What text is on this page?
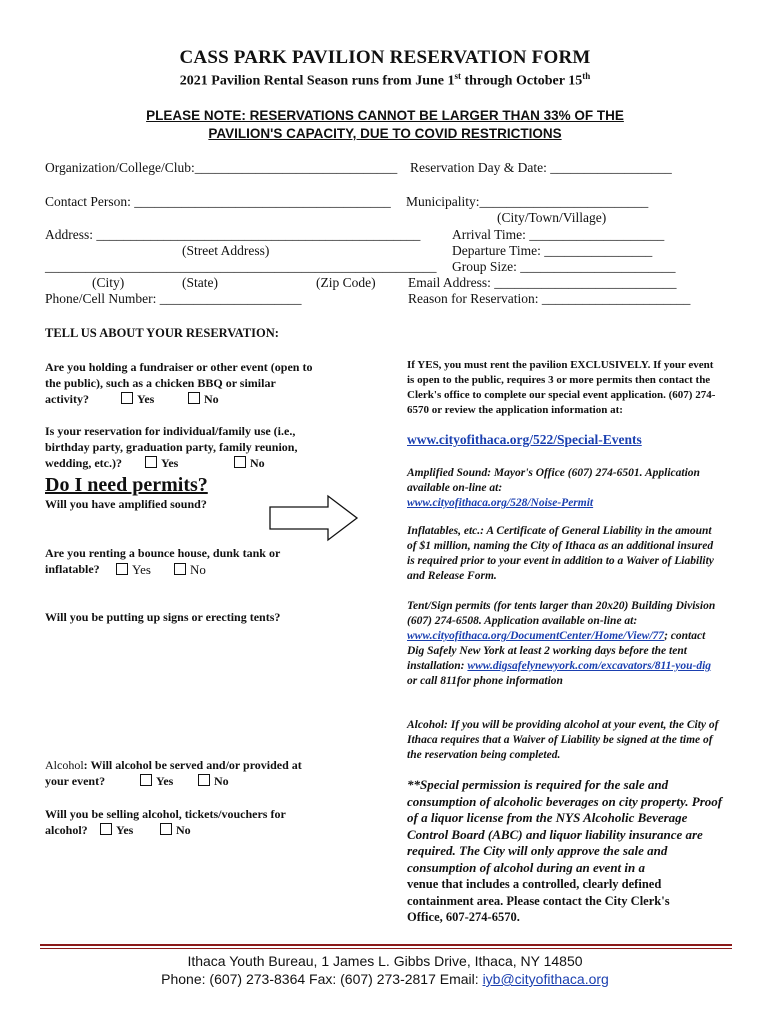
CASS PARK PAVILION RESERVATION FORM
2021 Pavilion Rental Season runs from June 1st through October 15th
PLEASE NOTE: RESERVATIONS CANNOT BE LARGER THAN 33% OF THE
PAVILION'S CAPACITY, DUE TO COVID RESTRICTIONS
Organization/College/Club:______________________________ Reservation Day & Date: __________________
Contact Person: ______________________________________ Municipality:_________________________
(City/Town/Village)
Address: ________________________________________________ Arrival Time: ____________________
(Street Address)	Departure Time: ________________
__________________________________________________________ Group Size: _______________________
(City)	(State)	(Zip Code) Email Address: ___________________________
Phone/Cell Number: _____________________	Reason for Reservation: ______________________
TELL US ABOUT YOUR RESERVATION:
Are you holding a fundraiser or other event (open to
the public), such as a chicken BBQ or similar
activity?	Yes	No
Is your reservation for individual/family use (i.e.,
birthday party, graduation party, family reunion,
wedding, etc.)?	Yes	No
Do I need permits?
Will you have amplified sound?
Are you renting a bounce house, dunk tank or
inflatable?	Yes	No
Will you be putting up signs or erecting tents?
Alcohol: Will alcohol be served and/or provided at
your event?	Yes	No
Will you be selling alcohol, tickets/vouchers for
alcohol?	Yes	No
If YES, you must rent the pavilion EXCLUSIVELY. If your event is open to the public, requires 3 or more permits then contact the Clerk's office to complete our special event application. (607) 274-6570 or review the application information at:
www.cityofithaca.org/522/Special-Events
Amplified Sound: Mayor's Office (607) 274-6501. Application available on-line at:
www.cityofithaca.org/528/Noise-Permit
Inflatables, etc.: A Certificate of General Liability in the amount of $1 million, naming the City of Ithaca as an additional insured is required prior to your event in addition to a Waiver of Liability and Release Form.
Tent/Sign permits (for tents larger than 20x20) Building Division (607) 274-6508. Application available on-line at: www.cityofithaca.org/DocumentCenter/Home/View/77; contact Dig Safely New York at least 2 working days before the tent installation: www.digsafelynewyork.com/excavators/811-you-dig or call 811for phone information
Alcohol: If you will be providing alcohol at your event, the City of Ithaca requires that a Waiver of Liability be signed at the time of the reservation being completed.
**Special permission is required for the sale and consumption of alcoholic beverages on city property. Proof of a liquor license from the NYS Alcoholic Beverage Control Board (ABC) and liquor liability insurance are required. The City will only approve the sale and consumption of alcohol during an event in a
venue that includes a controlled, clearly defined containment area. Please contact the City Clerk's Office, 607-274-6570.
Ithaca Youth Bureau, 1 James L. Gibbs Drive, Ithaca, NY 14850
Phone: (607) 273-8364 Fax: (607) 273-2817 Email: iyb@cityofithaca.org
